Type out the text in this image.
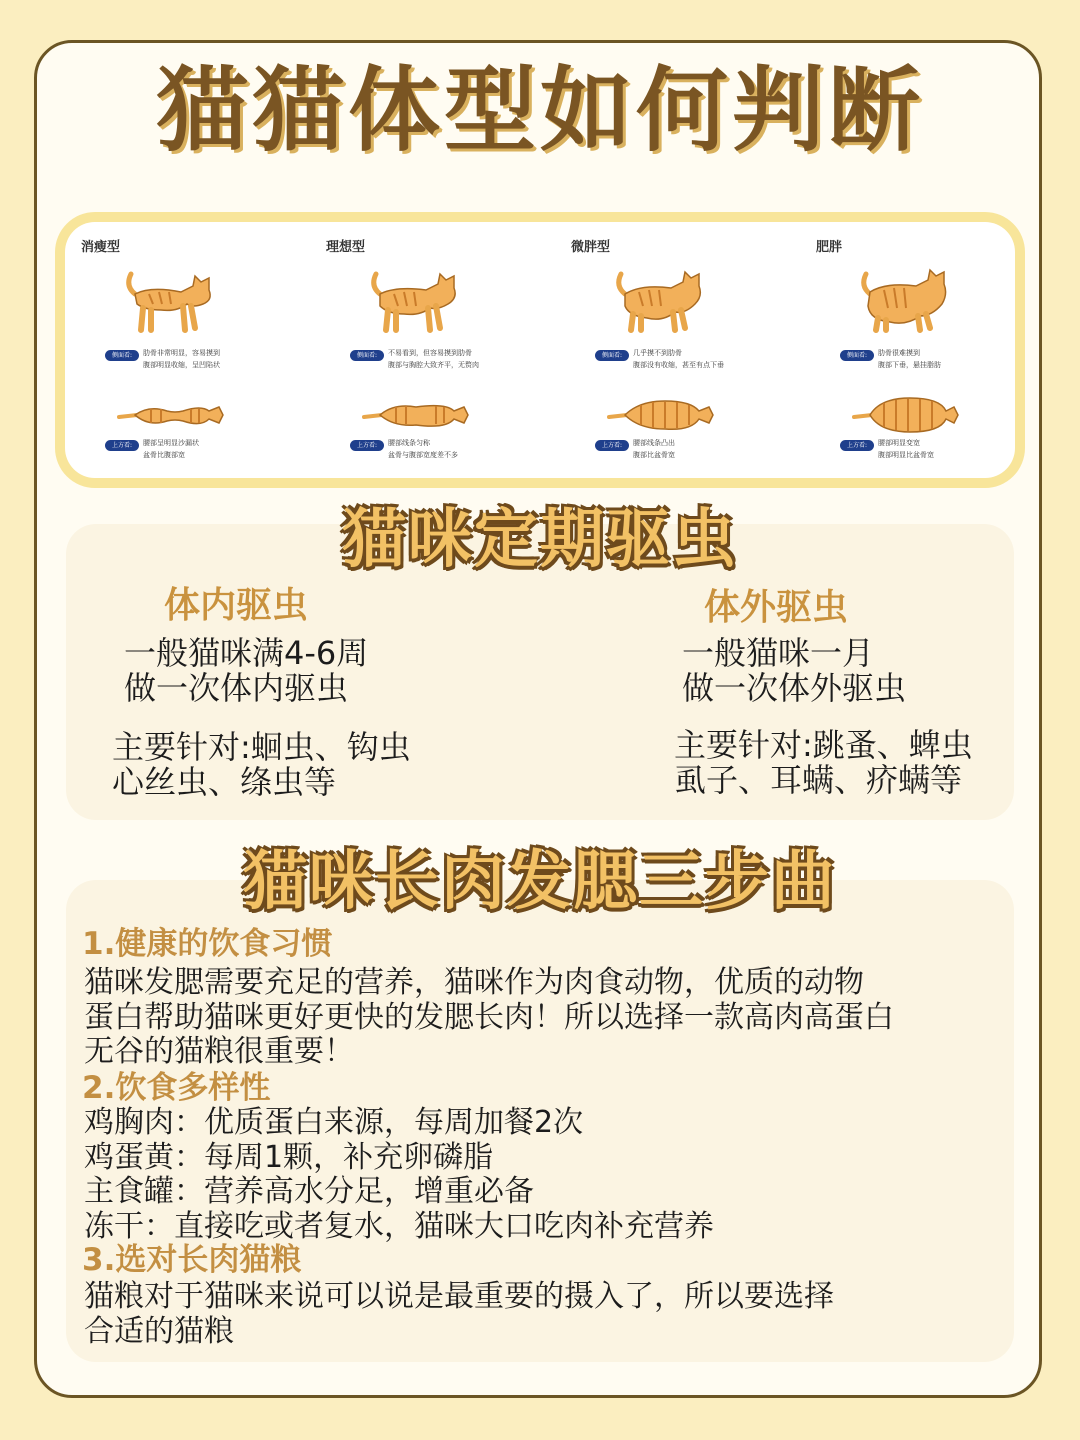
猫猫体型如何判断
消瘦型
侧面看:	肋骨非常明显，容易摸到
腹部明显收缩，呈凹陷状
上方看:	腰部呈明显沙漏状
盆骨比腹部宽
理想型
侧面看:	不易看到，但容易摸到肋骨
腹部与胸腔大致齐平，无赘肉
上方看:	腰部线条匀称
盆骨与腹部宽度差不多
微胖型
侧面看:	几乎摸不到肋骨
腹部没有收缩，甚至有点下垂
上方看:	腰部线条凸出
腹部比盆骨宽
肥胖
侧面看:	肋骨很难摸到
腹部下垂，悬挂脂肪
上方看:	腰部明显变宽
腹部明显比盆骨宽
猫咪定期驱虫
体内驱虫
一般猫咪满4-6周
做一次体内驱虫
主要针对:蛔虫、钩虫
心丝虫、绦虫等
体外驱虫
一般猫咪一月
做一次体外驱虫
主要针对:跳蚤、蜱虫
虱子、耳螨、疥螨等
猫咪长肉发腮三步曲
1.健康的饮食习惯
猫咪发腮需要充足的营养，猫咪作为肉食动物，优质的动物
蛋白帮助猫咪更好更快的发腮长肉！所以选择一款高肉高蛋白
无谷的猫粮很重要！
2.饮食多样性
鸡胸肉：优质蛋白来源，每周加餐2次
鸡蛋黄：每周1颗，补充卵磷脂
主食罐：营养高水分足，增重必备
冻干：直接吃或者复水，猫咪大口吃肉补充营养
3.选对长肉猫粮
猫粮对于猫咪来说可以说是最重要的摄入了，所以要选择
合适的猫粮
